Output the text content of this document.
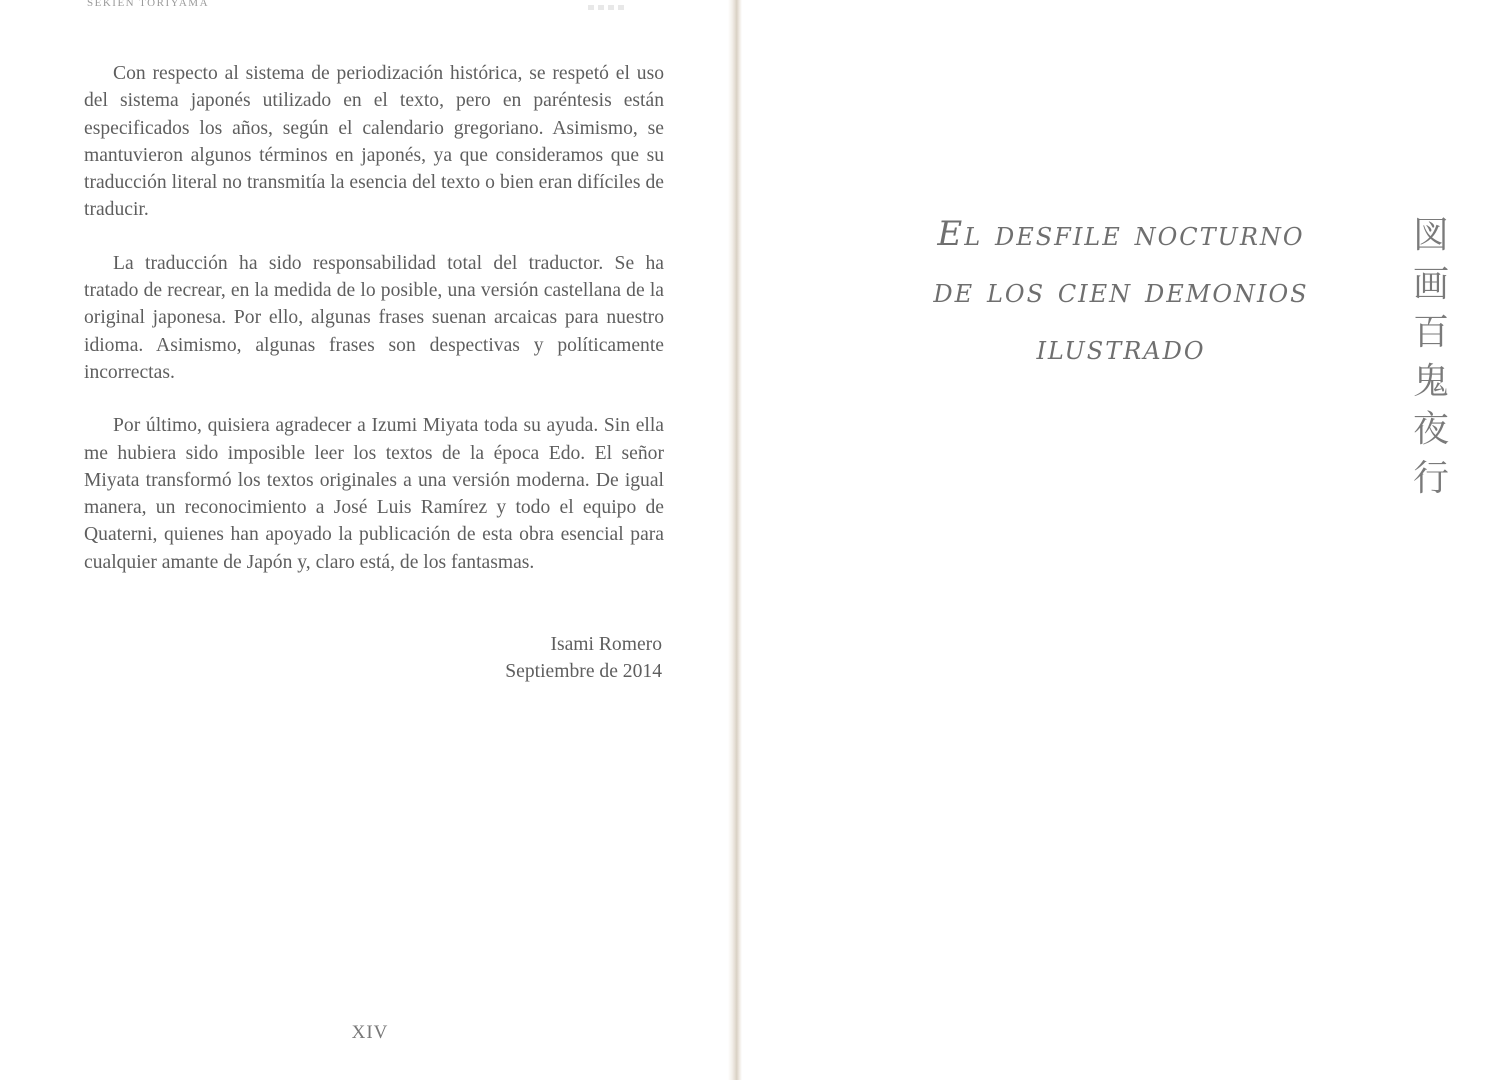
SEKIEN TORIYAMA

Con respecto al sistema de periodización histórica, se respetó el uso del sistema japonés utilizado en el texto, pero en paréntesis están especificados los años, según el calendario gregoriano. Asimismo, se mantuvieron algunos términos en japonés, ya que consideramos que su traducción literal no transmitía la esencia del texto o bien eran difíciles de traducir.

La traducción ha sido responsabilidad total del traductor. Se ha tratado de recrear, en la medida de lo posible, una versión castellana de la original japonesa. Por ello, algunas frases suenan arcaicas para nuestro idioma. Asimismo, algunas frases son despectivas y políticamente incorrectas.

Por último, quisiera agradecer a Izumi Miyata toda su ayuda. Sin ella me hubiera sido imposible leer los textos de la época Edo. El señor Miyata transformó los textos originales a una versión moderna. De igual manera, un reconocimiento a José Luis Ramírez y todo el equipo de Quaterni, quienes han apoyado la publicación de esta obra esencial para cualquier amante de Japón y, claro está, de los fantasmas.

Isami Romero
Septiembre de 2014
XIV
El desfile nocturno
de los cien demonios
ilustrado
図
画
百
鬼
夜
行
